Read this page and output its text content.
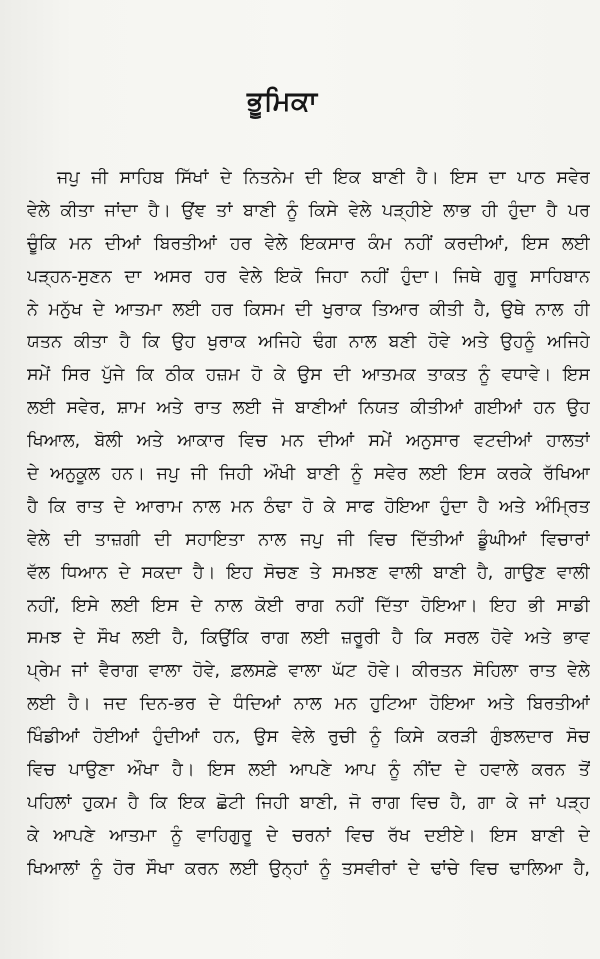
ਭੂਮਿਕਾ
ਜਪੁ ਜੀ ਸਾਹਿਬ ਸਿੱਖਾਂ ਦੇ ਨਿਤਨੇਮ ਦੀ ਇਕ ਬਾਣੀ ਹੈ। ਇਸ ਦਾ ਪਾਠ ਸਵੇਰ
ਵੇਲੇ ਕੀਤਾ ਜਾਂਦਾ ਹੈ। ਉਂਞ ਤਾਂ ਬਾਣੀ ਨੂੰ ਕਿਸੇ ਵੇਲੇ ਪੜ੍ਹੀਏ ਲਾਭ ਹੀ ਹੁੰਦਾ ਹੈ ਪਰ
ਚੂੰਕਿ ਮਨ ਦੀਆਂ ਬਿਰਤੀਆਂ ਹਰ ਵੇਲੇ ਇਕਸਾਰ ਕੰਮ ਨਹੀਂ ਕਰਦੀਆਂ, ਇਸ ਲਈ
ਪੜ੍ਹਨ-ਸੁਣਨ ਦਾ ਅਸਰ ਹਰ ਵੇਲੇ ਇਕੋ ਜਿਹਾ ਨਹੀਂ ਹੁੰਦਾ। ਜਿਥੇ ਗੁਰੂ ਸਾਹਿਬਾਨ
ਨੇ ਮਨੁੱਖ ਦੇ ਆਤਮਾ ਲਈ ਹਰ ਕਿਸਮ ਦੀ ਖੁਰਾਕ ਤਿਆਰ ਕੀਤੀ ਹੈ, ਉਥੇ ਨਾਲ ਹੀ
ਯਤਨ ਕੀਤਾ ਹੈ ਕਿ ਉਹ ਖੁਰਾਕ ਅਜਿਹੇ ਢੰਗ ਨਾਲ ਬਣੀ ਹੋਵੇ ਅਤੇ ਉਹਨੂੰ ਅਜਿਹੇ
ਸਮੇਂ ਸਿਰ ਪੁੱਜੇ ਕਿ ਠੀਕ ਹਜ਼ਮ ਹੋ ਕੇ ਉਸ ਦੀ ਆਤਮਕ ਤਾਕਤ ਨੂੰ ਵਧਾਵੇ। ਇਸ
ਲਈ ਸਵੇਰ, ਸ਼ਾਮ ਅਤੇ ਰਾਤ ਲਈ ਜੋ ਬਾਣੀਆਂ ਨਿਯਤ ਕੀਤੀਆਂ ਗਈਆਂ ਹਨ ਉਹ
ਖਿਆਲ, ਬੋਲੀ ਅਤੇ ਆਕਾਰ ਵਿਚ ਮਨ ਦੀਆਂ ਸਮੇਂ ਅਨੁਸਾਰ ਵਟਦੀਆਂ ਹਾਲਤਾਂ
ਦੇ ਅਨੁਕੂਲ ਹਨ। ਜਪੁ ਜੀ ਜਿਹੀ ਔਖੀ ਬਾਣੀ ਨੂੰ ਸਵੇਰ ਲਈ ਇਸ ਕਰਕੇ ਰੱਖਿਆ
ਹੈ ਕਿ ਰਾਤ ਦੇ ਆਰਾਮ ਨਾਲ ਮਨ ਠੰਢਾ ਹੋ ਕੇ ਸਾਫ ਹੋਇਆ ਹੁੰਦਾ ਹੈ ਅਤੇ ਅੰਮ੍ਰਿਤ
ਵੇਲੇ ਦੀ ਤਾਜ਼ਗੀ ਦੀ ਸਹਾਇਤਾ ਨਾਲ ਜਪੁ ਜੀ ਵਿਚ ਦਿੱਤੀਆਂ ਡੂੰਘੀਆਂ ਵਿਚਾਰਾਂ
ਵੱਲ ਧਿਆਨ ਦੇ ਸਕਦਾ ਹੈ। ਇਹ ਸੋਚਣ ਤੇ ਸਮਝਣ ਵਾਲੀ ਬਾਣੀ ਹੈ, ਗਾਉਣ ਵਾਲੀ
ਨਹੀਂ, ਇਸੇ ਲਈ ਇਸ ਦੇ ਨਾਲ ਕੋਈ ਰਾਗ ਨਹੀਂ ਦਿੱਤਾ ਹੋਇਆ। ਇਹ ਭੀ ਸਾਡੀ
ਸਮਝ ਦੇ ਸੌਖ ਲਈ ਹੈ, ਕਿਉਂਕਿ ਰਾਗ ਲਈ ਜ਼ਰੂਰੀ ਹੈ ਕਿ ਸਰਲ ਹੋਵੇ ਅਤੇ ਭਾਵ
ਪ੍ਰੇਮ ਜਾਂ ਵੈਰਾਗ ਵਾਲਾ ਹੋਵੇ, ਫ਼ਲਸਫ਼ੇ ਵਾਲਾ ਘੱਟ ਹੋਵੇ। ਕੀਰਤਨ ਸੋਹਿਲਾ ਰਾਤ ਵੇਲੇ
ਲਈ ਹੈ। ਜਦ ਦਿਨ-ਭਰ ਦੇ ਧੰਦਿਆਂ ਨਾਲ ਮਨ ਹੁਟਿਆ ਹੋਇਆ ਅਤੇ ਬਿਰਤੀਆਂ
ਖਿੰਡੀਆਂ ਹੋਈਆਂ ਹੁੰਦੀਆਂ ਹਨ, ਉਸ ਵੇਲੇ ਰੁਚੀ ਨੂੰ ਕਿਸੇ ਕਰੜੀ ਗੁੰਝਲਦਾਰ ਸੋਚ
ਵਿਚ ਪਾਉਣਾ ਔਖਾ ਹੈ। ਇਸ ਲਈ ਆਪਣੇ ਆਪ ਨੂੰ ਨੀਂਦ ਦੇ ਹਵਾਲੇ ਕਰਨ ਤੋਂ
ਪਹਿਲਾਂ ਹੁਕਮ ਹੈ ਕਿ ਇਕ ਛੋਟੀ ਜਿਹੀ ਬਾਣੀ, ਜੋ ਰਾਗ ਵਿਚ ਹੈ, ਗਾ ਕੇ ਜਾਂ ਪੜ੍ਹ
ਕੇ ਆਪਣੇ ਆਤਮਾ ਨੂੰ ਵਾਹਿਗੁਰੂ ਦੇ ਚਰਨਾਂ ਵਿਚ ਰੱਖ ਦਈਏ। ਇਸ ਬਾਣੀ ਦੇ
ਖਿਆਲਾਂ ਨੂੰ ਹੋਰ ਸੌਖਾ ਕਰਨ ਲਈ ਉਨ੍ਹਾਂ ਨੂੰ ਤਸਵੀਰਾਂ ਦੇ ਢਾਂਚੇ ਵਿਚ ਢਾਲਿਆ ਹੈ,
